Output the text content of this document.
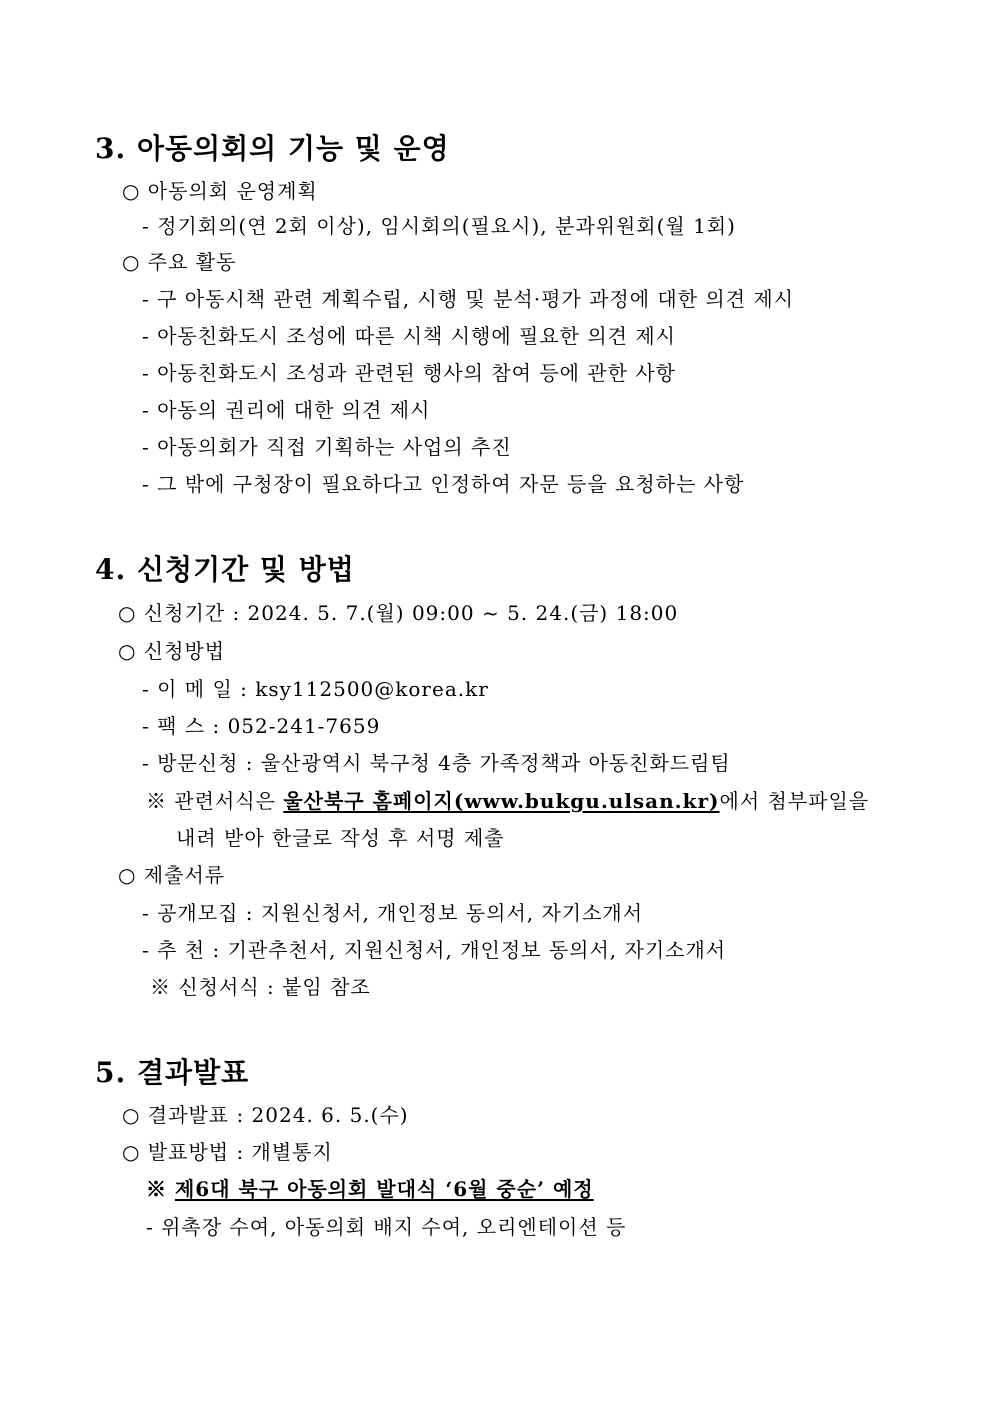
3. 아동의회의 기능 및 운영
○ 아동의회 운영계획
- 정기회의(연 2회 이상), 임시회의(필요시), 분과위원회(월 1회)
○ 주요 활동
- 구 아동시책 관련 계획수립, 시행 및 분석·평가 과정에 대한 의견 제시
- 아동친화도시 조성에 따른 시책 시행에 필요한 의견 제시
- 아동친화도시 조성과 관련된 행사의 참여 등에 관한 사항
- 아동의 권리에 대한 의견 제시
- 아동의회가 직접 기획하는 사업의 추진
- 그 밖에 구청장이 필요하다고 인정하여 자문 등을 요청하는 사항
4. 신청기간 및 방법
○ 신청기간 : 2024. 5. 7.(월) 09:00 ~ 5. 24.(금) 18:00
○ 신청방법
- 이 메 일 : ksy112500@korea.kr
- 팩 스 : 052-241-7659
- 방문신청 : 울산광역시 북구청 4층 가족정책과 아동친화드림팀
※ 관련서식은 울산북구 홈페이지(www.bukgu.ulsan.kr)에서 첨부파일을
내려 받아 한글로 작성 후 서명 제출
○ 제출서류
- 공개모집 : 지원신청서, 개인정보 동의서, 자기소개서
- 추 천 : 기관추천서, 지원신청서, 개인정보 동의서, 자기소개서
※ 신청서식 : 붙임 참조
5. 결과발표
○ 결과발표 : 2024. 6. 5.(수)
○ 발표방법 : 개별통지
※ 제6대 북구 아동의회 발대식 ‘6월 중순’ 예정
- 위촉장 수여, 아동의회 배지 수여, 오리엔테이션 등
